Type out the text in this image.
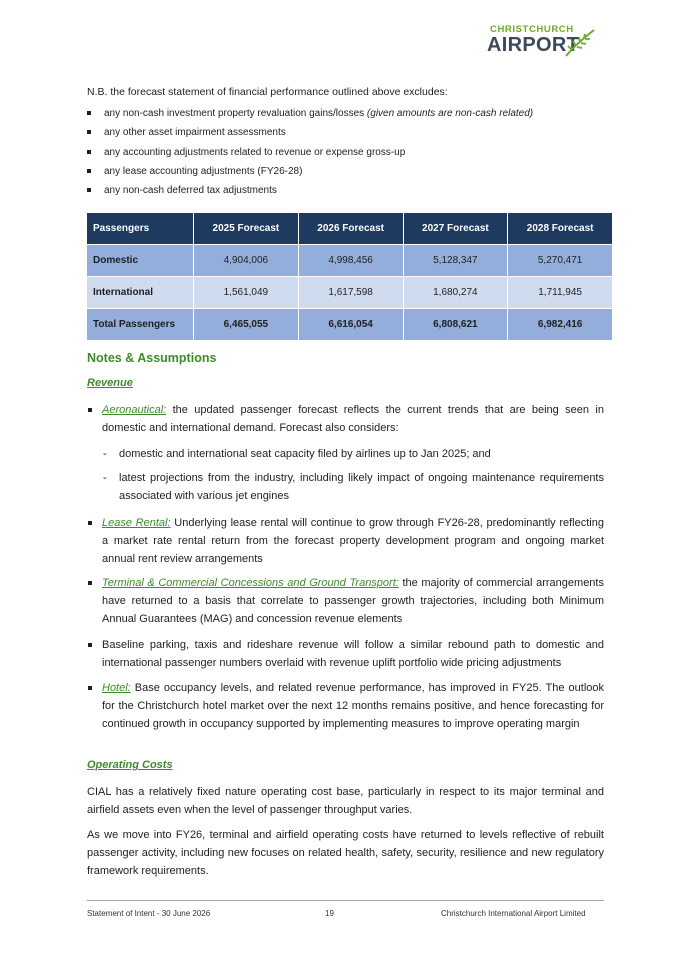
CHRISTCHURCH
AIRPORT
N.B. the forecast statement of financial performance outlined above excludes:
any non-cash investment property revaluation gains/losses (given amounts are non-cash related)
any other asset impairment assessments
any accounting adjustments related to revenue or expense gross-up
any lease accounting adjustments (FY26-28)
any non-cash deferred tax adjustments
Passengers	2025 Forecast	2026 Forecast	2027 Forecast	2028 Forecast
Domestic	4,904,006	4,998,456	5,128,347	5,270,471
International	1,561,049	1,617,598	1,680,274	1,711,945
Total Passengers	6,465,055	6,616,054	6,808,621	6,982,416
Notes & Assumptions
Revenue
Aeronautical: the updated passenger forecast reflects the current trends that are being seen in domestic and international demand. Forecast also considers:
- domestic and international seat capacity filed by airlines up to Jan 2025; and
- latest projections from the industry, including likely impact of ongoing maintenance requirements associated with various jet engines
Lease Rental: Underlying lease rental will continue to grow through FY26-28, predominantly reflecting a market rate rental return from the forecast property development program and ongoing market annual rent review arrangements
Terminal & Commercial Concessions and Ground Transport: the majority of commercial arrangements have returned to a basis that correlate to passenger growth trajectories, including both Minimum Annual Guarantees (MAG) and concession revenue elements
Baseline parking, taxis and rideshare revenue will follow a similar rebound path to domestic and international passenger numbers overlaid with revenue uplift portfolio wide pricing adjustments
Hotel: Base occupancy levels, and related revenue performance, has improved in FY25. The outlook for the Christchurch hotel market over the next 12 months remains positive, and hence forecasting for continued growth in occupancy supported by implementing measures to improve operating margin
Operating Costs
CIAL has a relatively fixed nature operating cost base, particularly in respect to its major terminal and airfield assets even when the level of passenger throughput varies.
As we move into FY26, terminal and airfield operating costs have returned to levels reflective of rebuilt passenger activity, including new focuses on related health, safety, security, resilience and new regulatory framework requirements.
Statement of Intent - 30 June 2026	19	Christchurch International Airport Limited
